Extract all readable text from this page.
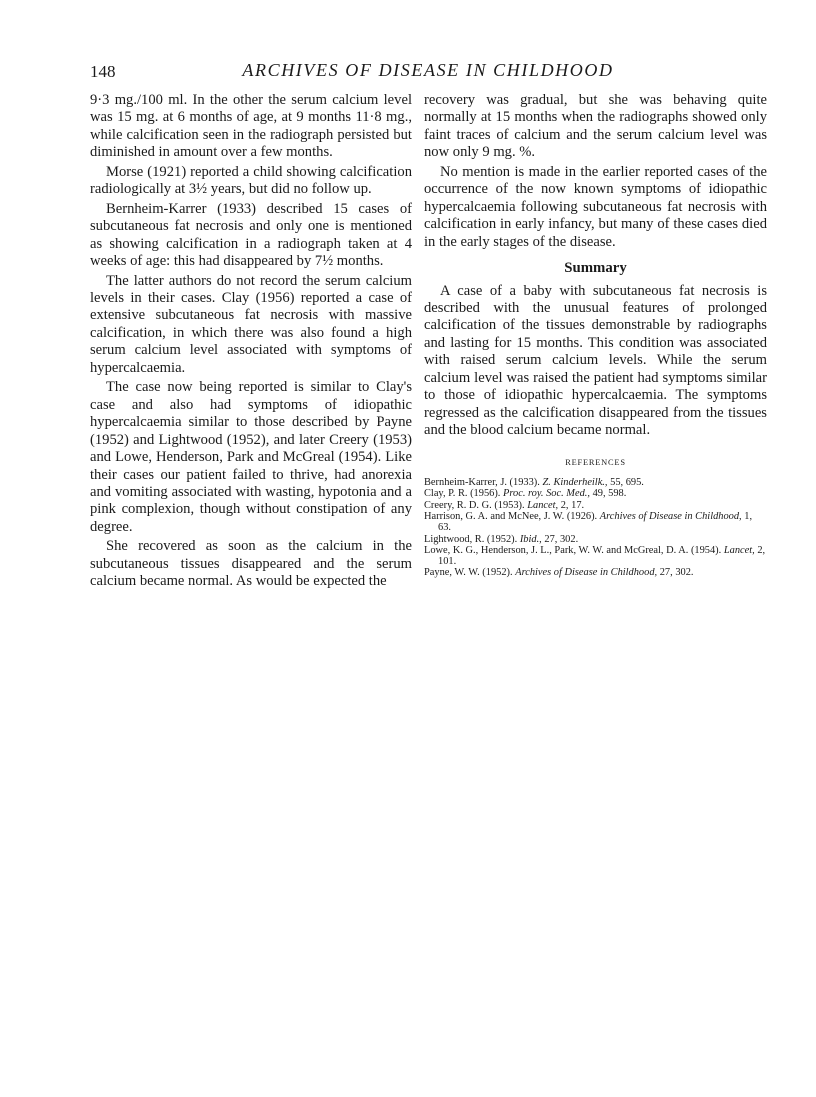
148	ARCHIVES OF DISEASE IN CHILDHOOD

9·3 mg./100 ml. In the other the serum calcium level was 15 mg. at 6 months of age, at 9 months 11·8 mg., while calcification seen in the radiograph persisted but diminished in amount over a few months.

Morse (1921) reported a child showing calcification radiologically at 3½ years, but did no follow up.

Bernheim-Karrer (1933) described 15 cases of subcutaneous fat necrosis and only one is mentioned as showing calcification in a radiograph taken at 4 weeks of age: this had disappeared by 7½ months.

The latter authors do not record the serum calcium levels in their cases. Clay (1956) reported a case of extensive subcutaneous fat necrosis with massive calcification, in which there was also found a high serum calcium level associated with symptoms of hypercalcaemia.

The case now being reported is similar to Clay's case and also had symptoms of idiopathic hypercalcaemia similar to those described by Payne (1952) and Lightwood (1952), and later Creery (1953) and Lowe, Henderson, Park and McGreal (1954). Like their cases our patient failed to thrive, had anorexia and vomiting associated with wasting, hypotonia and a pink complexion, though without constipation of any degree.

She recovered as soon as the calcium in the subcutaneous tissues disappeared and the serum calcium became normal. As would be expected the

recovery was gradual, but she was behaving quite normally at 15 months when the radiographs showed only faint traces of calcium and the serum calcium level was now only 9 mg. %.

No mention is made in the earlier reported cases of the occurrence of the now known symptoms of idiopathic hypercalcaemia following subcutaneous fat necrosis with calcification in early infancy, but many of these cases died in the early stages of the disease.

Summary

A case of a baby with subcutaneous fat necrosis is described with the unusual features of prolonged calcification of the tissues demonstrable by radiographs and lasting for 15 months. This condition was associated with raised serum calcium levels. While the serum calcium level was raised the patient had symptoms similar to those of idiopathic hypercalcaemia. The symptoms regressed as the calcification disappeared from the tissues and the blood calcium became normal.

REFERENCES
Bernheim-Karrer, J. (1933). Z. Kinderheilk., 55, 695.
Clay, P. R. (1956). Proc. roy. Soc. Med., 49, 598.
Creery, R. D. G. (1953). Lancet, 2, 17.
Harrison, G. A. and McNee, J. W. (1926). Archives of Disease in Childhood, 1, 63.
Lightwood, R. (1952). Ibid., 27, 302.
Lowe, K. G., Henderson, J. L., Park, W. W. and McGreal, D. A. (1954). Lancet, 2, 101.
Payne, W. W. (1952). Archives of Disease in Childhood, 27, 302.
